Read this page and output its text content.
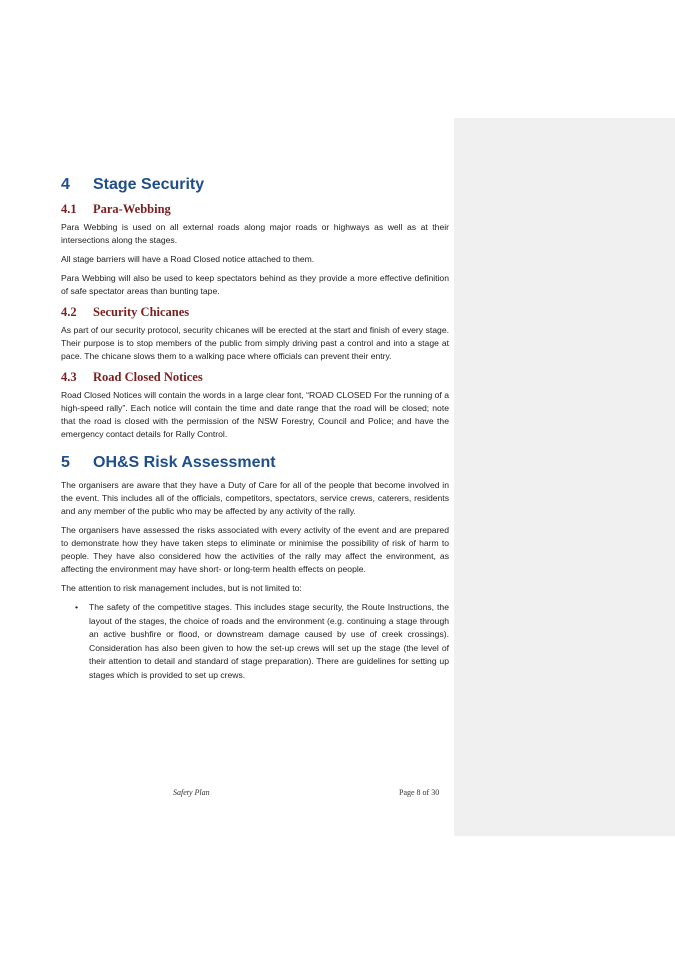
4	Stage Security
4.1	Para-Webbing

Para Webbing is used on all external roads along major roads or highways as well as at their intersections along the stages.

All stage barriers will have a Road Closed notice attached to them.

Para Webbing will also be used to keep spectators behind as they provide a more effective definition of safe spectator areas than bunting tape.

4.2	Security Chicanes

As part of our security protocol, security chicanes will be erected at the start and finish of every stage. Their purpose is to stop members of the public from simply driving past a control and into a stage at pace. The chicane slows them to a walking pace where officials can prevent their entry.

4.3	Road Closed Notices

Road Closed Notices will contain the words in a large clear font, “ROAD CLOSED For the running of a high-speed rally”. Each notice will contain the time and date range that the road will be closed; note that the road is closed with the permission of the NSW Forestry, Council and Police; and have the emergency contact details for Rally Control.

5	OH&S Risk Assessment

The organisers are aware that they have a Duty of Care for all of the people that become involved in the event. This includes all of the officials, competitors, spectators, service crews, caterers, residents and any member of the public who may be affected by any activity of the rally.

The organisers have assessed the risks associated with every activity of the event and are prepared to demonstrate how they have taken steps to eliminate or minimise the possibility of risk of harm to people. They have also considered how the activities of the rally may affect the environment, as affecting the environment may have short- or long-term health effects on people.

The attention to risk management includes, but is not limited to:

• The safety of the competitive stages. This includes stage security, the Route Instructions, the layout of the stages, the choice of roads and the environment (e.g. continuing a stage through an active bushfire or flood, or downstream damage caused by use of creek crossings). Consideration has also been given to how the set-up crews will set up the stage (the level of their attention to detail and standard of stage preparation). There are guidelines for setting up stages which is provided to set up crews.
Safety Plan	Page 8 of 30
